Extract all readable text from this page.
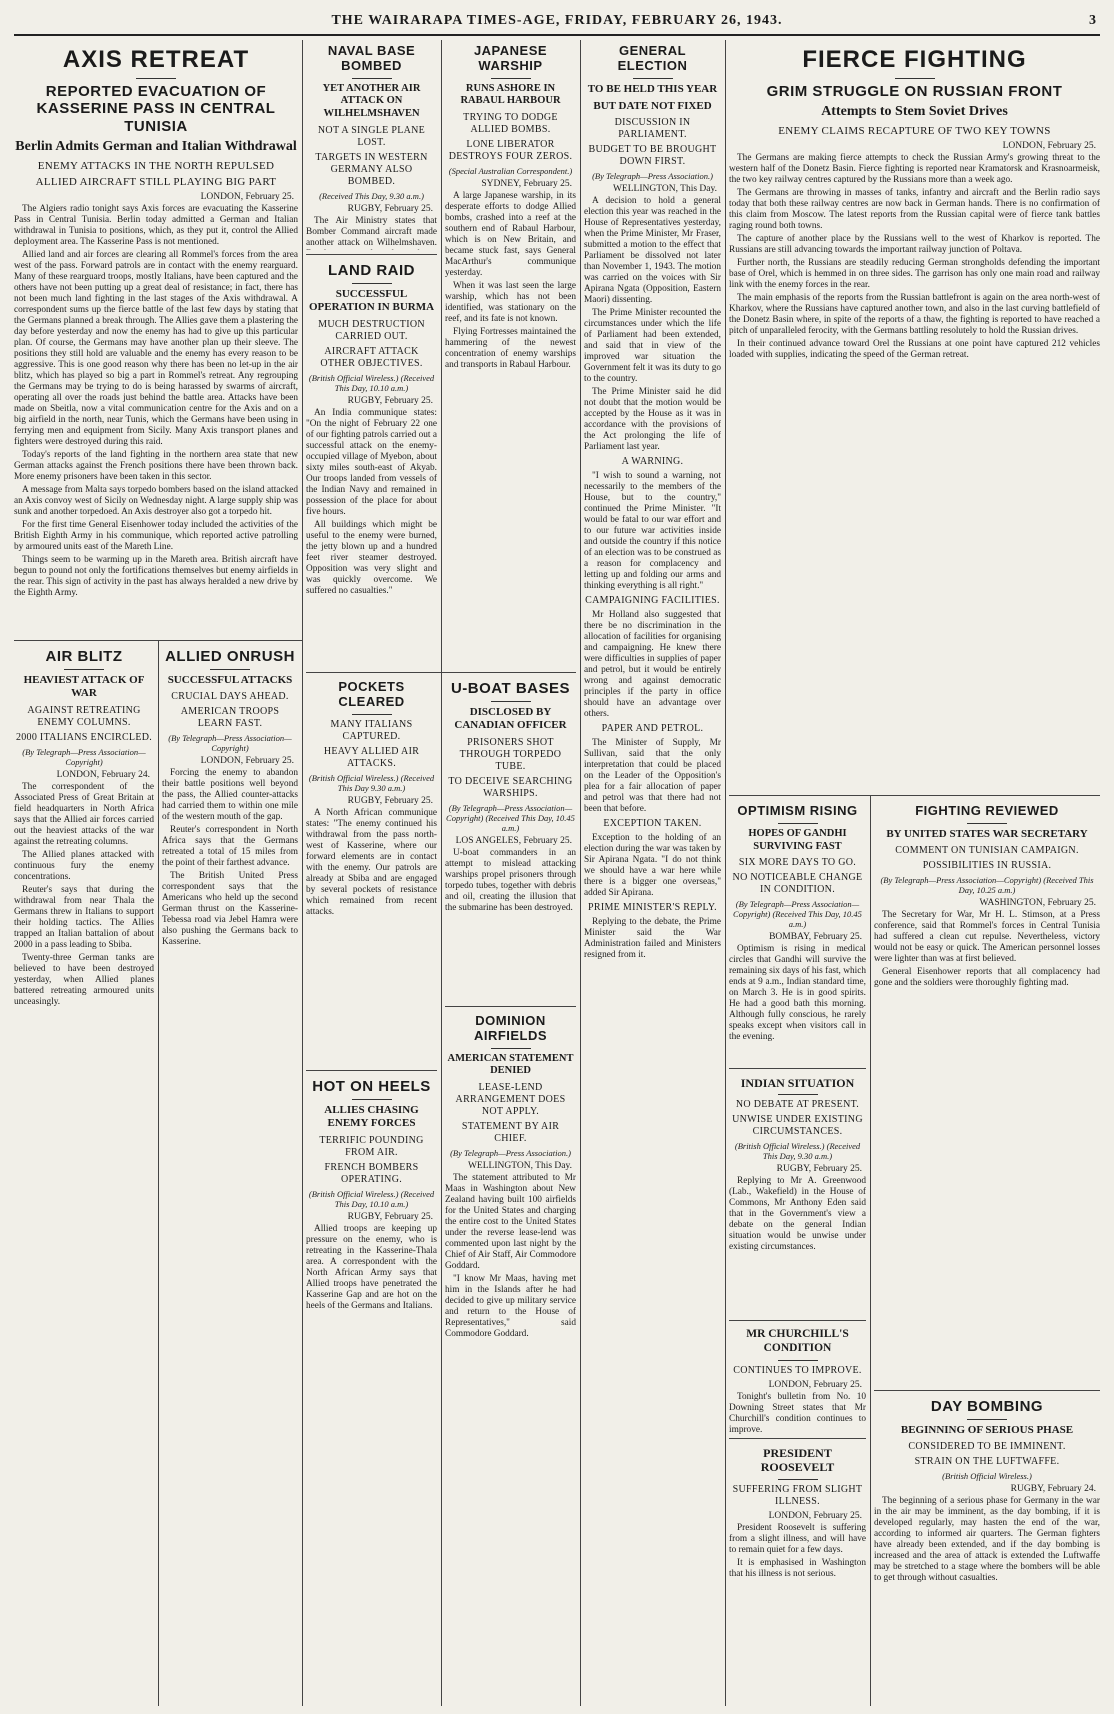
THE WAIRARAPA TIMES-AGE, FRIDAY, FEBRUARY 26, 1943.	3
AXIS RETREAT
REPORTED EVACUATION OF KASSERINE PASS IN CENTRAL TUNISIA
Berlin Admits German and Italian Withdrawal
ENEMY ATTACKS IN THE NORTH REPULSED
ALLIED AIRCRAFT STILL PLAYING BIG PART
LONDON, February 25.

The Algiers radio tonight says Axis forces are evacuating the Kasserine Pass in Central Tunisia. Berlin today admitted a German and Italian withdrawal in Tunisia to positions, which, as they put it, control the Allied deployment area. The Kasserine Pass is not mentioned.

Allied land and air forces are clearing all Rommel's forces from the area west of the pass. Forward patrols are in contact with the enemy rearguard. Many of these rearguard troops, mostly Italians, have been captured and the others have not been putting up a great deal of resistance; in fact, there has not been much land fighting in the last stages of the Axis withdrawal. A correspondent sums up the fierce battle of the last few days by stating that the Germans planned a break through. The Allies gave them a plastering the day before yesterday and now the enemy has had to give up this particular plan. Of course, the Germans may have another plan up their sleeve. The positions they still hold are valuable and the enemy has every reason to be aggressive. This is one good reason why there has been no let-up in the air blitz, which has played so big a part in Rommel's retreat. Any regrouping the Germans may be trying to do is being harassed by swarms of aircraft, operating all over the roads just behind the battle area. Attacks have been made on Sbeitla, now a vital communication centre for the Axis and on a big airfield in the north, near Tunis, which the Germans have been using in ferrying men and equipment from Sicily. Many Axis transport planes and fighters were destroyed during this raid.

Today's reports of the land fighting in the northern area state that new German attacks against the French positions there have been thrown back. More enemy prisoners have been taken in this sector.

A message from Malta says torpedo bombers based on the island attacked an Axis convoy west of Sicily on Wednesday night. A large supply ship was sunk and another torpedoed. An Axis destroyer also got a torpedo hit.

For the first time General Eisenhower today included the activities of the British Eighth Army in his communique, which reported active patrolling by armoured units east of the Mareth Line.

Things seem to be warming up in the Mareth area. British aircraft have begun to pound not only the fortifications themselves but enemy airfields in the rear. This sign of activity in the past has always heralded a new drive by the Eighth Army.

AIR BLITZ
HEAVIEST ATTACK OF WAR
AGAINST RETREATING ENEMY COLUMNS.
2000 ITALIANS ENCIRCLED.
(By Telegraph—Press Association—Copyright)
LONDON, February 24.

The correspondent of the Associated Press of Great Britain at field headquarters in North Africa says that the Allied air forces carried out the heaviest attacks of the war against the retreating columns.

The Allied planes attacked with continuous fury the enemy concentrations.

Reuter's says that during the withdrawal from near Thala the Germans threw in Italians to support their holding tactics. The Allies trapped an Italian battalion of about 2000 in a pass leading to Sbiba.

Twenty-three German tanks are believed to have been destroyed yesterday, when Allied planes battered retreating armoured units unceasingly.

ALLIED ONRUSH
SUCCESSFUL ATTACKS
CRUCIAL DAYS AHEAD.
AMERICAN TROOPS LEARN FAST.
(By Telegraph—Press Association—Copyright)
LONDON, February 25.

Forcing the enemy to abandon their battle positions well beyond the pass, the Allied counter-attacks had carried them to within one mile of the western mouth of the gap.

Reuter's correspondent in North Africa says that the Germans retreated a total of 15 miles from the point of their farthest advance.

The British United Press correspondent says that the Americans who held up the second German thrust on the Kasserine-Tebessa road via Jebel Hamra were also pushing the Germans back to Kasserine.

NAVAL BASE BOMBED
YET ANOTHER AIR ATTACK ON WILHELMSHAVEN
NOT A SINGLE PLANE LOST.
TARGETS IN WESTERN GERMANY ALSO BOMBED.
(Received This Day, 9.30 a.m.)
RUGBY, February 25.

The Air Ministry states that Bomber Command aircraft made another attack on Wilhelmshaven.

LAND RAID
SUCCESSFUL OPERATION IN BURMA
MUCH DESTRUCTION CARRIED OUT.
AIRCRAFT ATTACK OTHER OBJECTIVES.
(British Official Wireless.) (Received This Day, 10.10 a.m.)
RUGBY, February 25.

An India communique states: "On the night of February 22 one of our fighting patrols carried out a successful attack on the enemy-occupied village of Myebon, about sixty miles south-east of Akyab. Our troops landed from vessels of the Indian Navy and remained in possession of the place for about five hours.

All buildings which might be useful to the enemy were burned, the jetty blown up and a hundred feet river steamer destroyed. Opposition was very slight and was quickly overcome. We suffered no casualties."

POCKETS CLEARED
MANY ITALIANS CAPTURED.
HEAVY ALLIED AIR ATTACKS.
(British Official Wireless.) (Received This Day 9.30 a.m.)
RUGBY, February 25.

A North African communique states: "The enemy continued his withdrawal from the pass north-west of Kasserine, where our forward elements are in contact with the enemy. Our patrols are already at Sbiba and are engaged by several pockets of resistance which remained from recent attacks.

HOT ON HEELS
ALLIES CHASING ENEMY FORCES
TERRIFIC POUNDING FROM AIR.
FRENCH BOMBERS OPERATING.
(British Official Wireless.) (Received This Day, 10.10 a.m.)
RUGBY, February 25.

Allied troops are keeping up pressure on the enemy, who is retreating in the Kasserine-Thala area. A correspondent with the North African Army says that Allied troops have penetrated the Kasserine Gap and are hot on the heels of the Germans and Italians.

JAPANESE WARSHIP
RUNS ASHORE IN RABAUL HARBOUR
TRYING TO DODGE ALLIED BOMBS.
LONE LIBERATOR DESTROYS FOUR ZEROS.
(Special Australian Correspondent.)
SYDNEY, February 25.

A large Japanese warship, in its desperate efforts to dodge Allied bombs, crashed into a reef at the southern end of Rabaul Harbour, which is on New Britain, and became stuck fast, says General MacArthur's communique yesterday.

When it was last seen the large warship, which has not been identified, was stationary on the reef, and its fate is not known.

Flying Fortresses maintained the hammering of the newest concentration of enemy warships and transports in Rabaul Harbour.

U-BOAT BASES
DISCLOSED BY CANADIAN OFFICER
PRISONERS SHOT THROUGH TORPEDO TUBE.
TO DECEIVE SEARCHING WARSHIPS.
(By Telegraph—Press Association—Copyright) (Received This Day, 10.45 a.m.)
LOS ANGELES, February 25.

U-boat commanders in an attempt to mislead attacking warships propel prisoners through torpedo tubes, together with debris and oil, creating the illusion that the submarine has been destroyed.

DOMINION AIRFIELDS
AMERICAN STATEMENT DENIED
LEASE-LEND ARRANGEMENT DOES NOT APPLY.
STATEMENT BY AIR CHIEF.
(By Telegraph—Press Association.)
WELLINGTON, This Day.

The statement attributed to Mr Maas in Washington about New Zealand having built 100 airfields for the United States and charging the entire cost to the United States under the reverse lease-lend was commented upon last night by the Chief of Air Staff, Air Commodore Goddard.

"I know Mr Maas, having met him in the Islands after he had decided to give up military service and return to the House of Representatives," said Commodore Goddard.

GENERAL ELECTION
TO BE HELD THIS YEAR
BUT DATE NOT FIXED
DISCUSSION IN PARLIAMENT.
BUDGET TO BE BROUGHT DOWN FIRST.
(By Telegraph—Press Association.)
WELLINGTON, This Day.

A decision to hold a general election this year was reached in the House of Representatives yesterday, when the Prime Minister, Mr Fraser, submitted a motion to the effect that Parliament be dissolved not later than November 1, 1943. The motion was carried on the voices with Sir Apirana Ngata (Opposition, Eastern Maori) dissenting.

The Prime Minister recounted the circumstances under which the life of Parliament had been extended, and said that in view of the improved war situation the Government felt it was its duty to go to the country.

The Prime Minister said he did not doubt that the motion would be accepted by the House as it was in accordance with the provisions of the Act prolonging the life of Parliament last year.

A WARNING.

"I wish to sound a warning, not necessarily to the members of the House, but to the country," continued the Prime Minister. "It would be fatal to our war effort and to our future war activities inside and outside the country if this notice of an election was to be construed as a reason for complacency and letting up and folding our arms and thinking everything is all right."

CAMPAIGNING FACILITIES.

Mr Holland also suggested that there be no discrimination in the allocation of facilities for organising and campaigning. He knew there were difficulties in supplies of paper and petrol, but it would be entirely wrong and against democratic principles if the party in office should have an advantage over others.

PAPER AND PETROL.

The Minister of Supply, Mr Sullivan, said that the only interpretation that could be placed on the Leader of the Opposition's plea for a fair allocation of paper and petrol was that there had not been that before.

EXCEPTION TAKEN.

Exception to the holding of an election during the war was taken by Sir Apirana Ngata. "I do not think we should have a war here while there is a bigger one overseas," added Sir Apirana.

PRIME MINISTER'S REPLY.

Replying to the debate, the Prime Minister said the War Administration failed and Ministers resigned from it.

FIERCE FIGHTING
GRIM STRUGGLE ON RUSSIAN FRONT
Attempts to Stem Soviet Drives
ENEMY CLAIMS RECAPTURE OF TWO KEY TOWNS
LONDON, February 25.

The Germans are making fierce attempts to check the Russian Army's growing threat to the western half of the Donetz Basin. Fierce fighting is reported near Kramatorsk and Krasnoarmeisk, the two key railway centres captured by the Russians more than a week ago.

The Germans are throwing in masses of tanks, infantry and aircraft and the Berlin radio says today that both these railway centres are now back in German hands. There is no confirmation of this claim from Moscow. The latest reports from the Russian capital were of fierce tank battles raging round both towns.

The capture of another place by the Russians well to the west of Kharkov is reported. The Russians are still advancing towards the important railway junction of Poltava.

Further north, the Russians are steadily reducing German strongholds defending the important base of Orel, which is hemmed in on three sides. The garrison has only one main road and railway link with the enemy forces in the rear.

The main emphasis of the reports from the Russian battlefront is again on the area north-west of Kharkov, where the Russians have captured another town, and also in the last curving battlefield of the Donetz Basin where, in spite of the reports of a thaw, the fighting is reported to have reached a pitch of unparalleled ferocity, with the Germans battling resolutely to hold the Russian drives.

In their continued advance toward Orel the Russians at one point have captured 212 vehicles loaded with supplies, indicating the speed of the German retreat.

OPTIMISM RISING
HOPES OF GANDHI SURVIVING FAST
SIX MORE DAYS TO GO.
NO NOTICEABLE CHANGE IN CONDITION.
(By Telegraph—Press Association—Copyright) (Received This Day, 10.45 a.m.)
BOMBAY, February 25.

Optimism is rising in medical circles that Gandhi will survive the remaining six days of his fast, which ends at 9 a.m., Indian standard time, on March 3. He is in good spirits. He had a good bath this morning. Although fully conscious, he rarely speaks except when visitors call in the evening.

INDIAN SITUATION
NO DEBATE AT PRESENT.
UNWISE UNDER EXISTING CIRCUMSTANCES.
(British Official Wireless.) (Received This Day, 9.30 a.m.)
RUGBY, February 25.

Replying to Mr A. Greenwood (Lab., Wakefield) in the House of Commons, Mr Anthony Eden said that in the Government's view a debate on the general Indian situation would be unwise under existing circumstances.

MR CHURCHILL'S CONDITION
CONTINUES TO IMPROVE.
LONDON, February 25.

Tonight's bulletin from No. 10 Downing Street states that Mr Churchill's condition continues to improve.

PRESIDENT ROOSEVELT
SUFFERING FROM SLIGHT ILLNESS.
LONDON, February 25.

President Roosevelt is suffering from a slight illness, and will have to remain quiet for a few days.

It is emphasised in Washington that his illness is not serious.

FIGHTING REVIEWED
BY UNITED STATES WAR SECRETARY
COMMENT ON TUNISIAN CAMPAIGN.
POSSIBILITIES IN RUSSIA.
(By Telegraph—Press Association—Copyright) (Received This Day, 10.25 a.m.)
WASHINGTON, February 25.

The Secretary for War, Mr H. L. Stimson, at a Press conference, said that Rommel's forces in Central Tunisia had suffered a clean cut repulse. Nevertheless, victory would not be easy or quick. The American personnel losses were lighter than was at first believed.

General Eisenhower reports that all complacency had gone and the soldiers were thoroughly fighting mad.

DAY BOMBING
BEGINNING OF SERIOUS PHASE
CONSIDERED TO BE IMMINENT.
STRAIN ON THE LUFTWAFFE.
(British Official Wireless.)
RUGBY, February 24.

The beginning of a serious phase for Germany in the war in the air may be imminent, as the day bombing, if it is developed regularly, may hasten the end of the war, according to informed air quarters. The German fighters have already been extended, and if the day bombing is increased and the area of attack is extended the Luftwaffe may be stretched to a stage where the bombers will be able to get through without casualties.
